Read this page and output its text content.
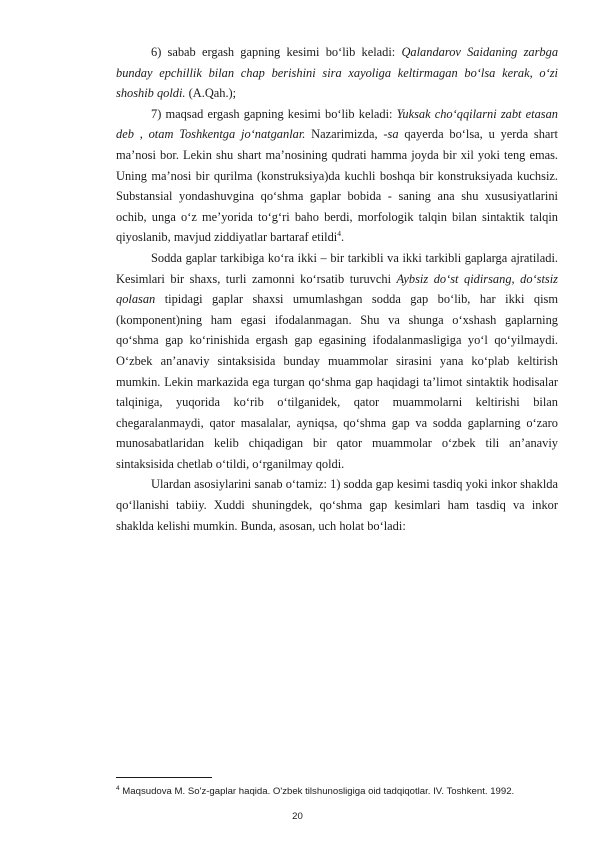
6) sabab ergash gapning kesimi bo‘lib keladi: Qalandarov Saidaning zarbga bunday epchillik bilan chap berishini sira xayoliga keltirmagan bo‘lsa kerak, o‘zi shoshib qoldi. (A.Qah.);

7) maqsad ergash gapning kesimi bo‘lib keladi: Yuksak cho‘qqilarni zabt etasan deb , otam Toshkentga jo‘natganlar. Nazarimizda, -sa qayerda bo‘lsa, u yerda shart ma’nosi bor. Lekin shu shart ma’nosining qudrati hamma joyda bir xil yoki teng emas. Uning ma’nosi bir qurilma (konstruksiya)da kuchli boshqa bir konstruksiyada kuchsiz. Substansial yondashuvgina qo‘shma gaplar bobida - saning ana shu xususiyatlarini ochib, unga o‘z me’yorida to‘g‘ri baho berdi, morfologik talqin bilan sintaktik talqin qiyoslanib, mavjud ziddiyatlar bartaraf etildi$^4$.

Sodda gaplar tarkibiga ko‘ra ikki – bir tarkibli va ikki tarkibli gaplarga ajratiladi. Kesimlari bir shaxs, turli zamonni ko‘rsatib turuvchi Aybsiz do‘st qidirsang, do‘stsiz qolasan tipidagi gaplar shaxsi umumlashgan sodda gap bo‘lib, har ikki qism (komponent)ning ham egasi ifodalanmagan. Shu va shunga o‘xshash gaplarning qo‘shma gap ko‘rinishida ergash gap egasining ifodalanmasligiga yo‘l qo‘yilmaydi. O‘zbek an’anaviy sintaksisida bunday muammolar sirasini yana ko‘plab keltirish mumkin. Lekin markazida ega turgan qo‘shma gap haqidagi ta’limot sintaktik hodisalar talqiniga, yuqorida ko‘rib o‘tilganidek, qator muammolarni keltirishi bilan chegaralanmaydi, qator masalalar, ayniqsa, qo‘shma gap va sodda gaplarning o‘zaro munosabatlaridan kelib chiqadigan bir qator muammolar o‘zbek tili an’anaviy sintaksisida chetlab o‘tildi, o‘rganilmay qoldi.

Ulardan asosiylarini sanab o‘tamiz: 1) sodda gap kesimi tasdiq yoki inkor shaklda qo‘llanishi tabiiy. Xuddi shuningdek, qo‘shma gap kesimlari ham tasdiq va inkor shaklda kelishi mumkin. Bunda, asosan, uch holat bo‘ladi:

$^4$ Maqsudova M. So'z-gaplar haqida. O'zbek tilshunosligiga oid tadqiqotlar. IV. Toshkent. 1992.
20
